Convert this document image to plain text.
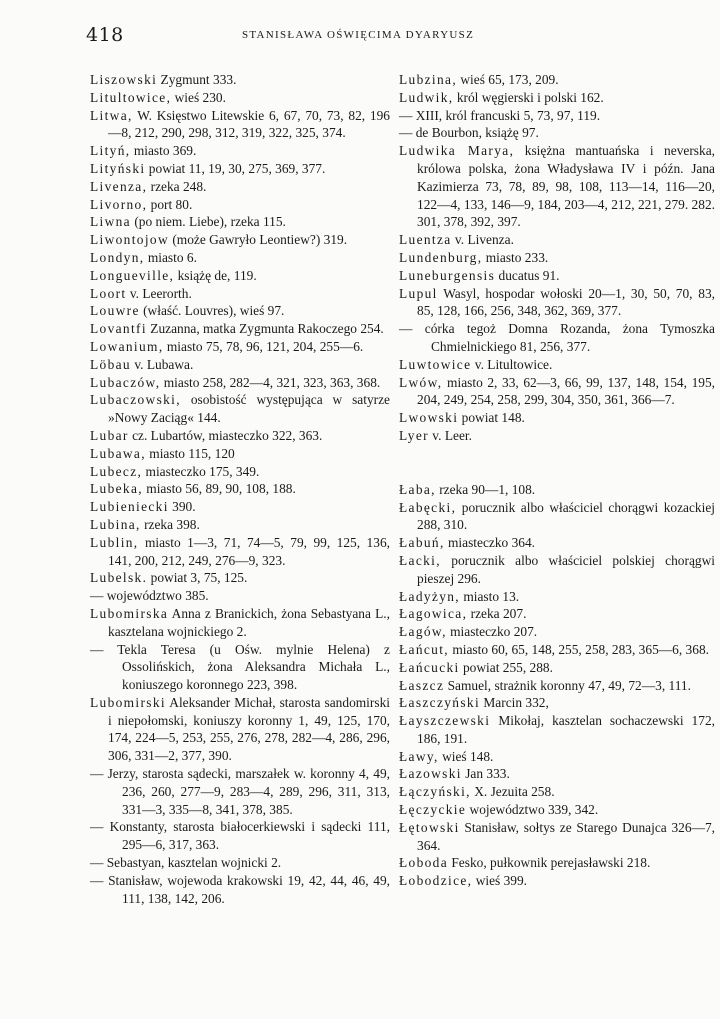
418	STANISŁAWA OŚWIĘCIMA DYARYUSZ
Liszowski Zygmunt 333.
Litultowice, wieś 230.
Litwa, W. Księstwo Litewskie 6, 67, 70, 73, 82, 196—8, 212, 290, 298, 312, 319, 322, 325, 374.
Lityń, miasto 369.
Lityński powiat 11, 19, 30, 275, 369, 377.
Livenza, rzeka 248.
Livorno, port 80.
Liwna (po niem. Liebe), rzeka 115.
Liwontojow (może Gawryło Leontiew?) 319.
Londyn, miasto 6.
Longueville, książę de, 119.
Loort v. Leerorth.
Louwre (właść. Louvres), wieś 97.
Lovantfi Zuzanna, matka Zygmunta Rakoczego 254.
Lowanium, miasto 75, 78, 96, 121, 204, 255—6.
Löbau v. Lubawa.
Lubaczów, miasto 258, 282—4, 321, 323, 363, 368.
Lubaczowski, osobistość występująca w satyrze »Nowy Zaciąg« 144.
Lubar cz. Lubartów, miasteczko 322, 363.
Lubawa, miasto 115, 120
Lubecz, miasteczko 175, 349.
Lubeka, miasto 56, 89, 90, 108, 188.
Lubieniecki 390.
Lubina, rzeka 398.
Lublin, miasto 1—3, 71, 74—5, 79, 99, 125, 136, 141, 200, 212, 249, 276—9, 323.
Lubelsk. powiat 3, 75, 125.
— województwo 385.
Lubomirska Anna z Branickich, żona Sebastyana L., kasztelana wojnickiego 2.
— Tekla Teresa (u Ośw. mylnie Helena) z Ossolińskich, żona Aleksandra Michała L., koniuszego koronnego 223, 398.
Lubomirski Aleksander Michał, starosta sandomirski i niepołomski, koniuszy koronny 1, 49, 125, 170, 174, 224—5, 253, 255, 276, 278, 282—4, 286, 296, 306, 331—2, 377, 390.
— Jerzy, starosta sądecki, marszałek w. koronny 4, 49, 236, 260, 277—9, 283—4, 289, 296, 311, 313, 331—3, 335—8, 341, 378, 385.
— Konstanty, starosta białocerkiewski i sądecki 111, 295—6, 317, 363.
— Sebastyan, kasztelan wojnicki 2.
— Stanisław, wojewoda krakowski 19, 42, 44, 46, 49, 111, 138, 142, 206.
Lubzina, wieś 65, 173, 209.
Ludwik, król węgierski i polski 162.
— XIII, król francuski 5, 73, 97, 119.
— de Bourbon, książę 97.
Ludwika Marya, księżna mantuańska i neverska, królowa polska, żona Władysława IV i późn. Jana Kazimierza 73, 78, 89, 98, 108, 113—14, 116—20, 122—4, 133, 146—9, 184, 203—4, 212, 221, 279. 282. 301, 378, 392, 397.
Luentza v. Livenza.
Lundenburg, miasto 233.
Luneburgensis ducatus 91.
Lupul Wasyl, hospodar wołoski 20—1, 30, 50, 70, 83, 85, 128, 166, 256, 348, 362, 369, 377.
— córka tegoż Domna Rozanda, żona Tymoszka Chmielnickiego 81, 256, 377.
Luwtowice v. Litultowice.
Lwów, miasto 2, 33, 62—3, 66, 99, 137, 148, 154, 195, 204, 249, 254, 258, 299, 304, 350, 361, 366—7.
Lwowski powiat 148.
Lyer v. Leer.
Łaba, rzeka 90—1, 108.
Łabęcki, porucznik albo właściciel chorągwi kozackiej 288, 310.
Łabuń, miasteczko 364.
Łacki, porucznik albo właściciel polskiej chorągwi pieszej 296.
Ładyżyn, miasto 13.
Łagowica, rzeka 207.
Łagów, miasteczko 207.
Łańcut, miasto 60, 65, 148, 255, 258, 283, 365—6, 368.
Łańcucki powiat 255, 288.
Łaszcz Samuel, strażnik koronny 47, 49, 72—3, 111.
Łaszczyński Marcin 332,
Łayszczewski Mikołaj, kasztelan sochaczewski 172, 186, 191.
Ławy, wieś 148.
Łazowski Jan 333.
Łączyński, X. Jezuita 258.
Łęczyckie województwo 339, 342.
Łętowski Stanisław, sołtys ze Starego Dunajca 326—7, 364.
Łoboda Fesko, pułkownik perejasławski 218.
Łobodzice, wieś 399.
